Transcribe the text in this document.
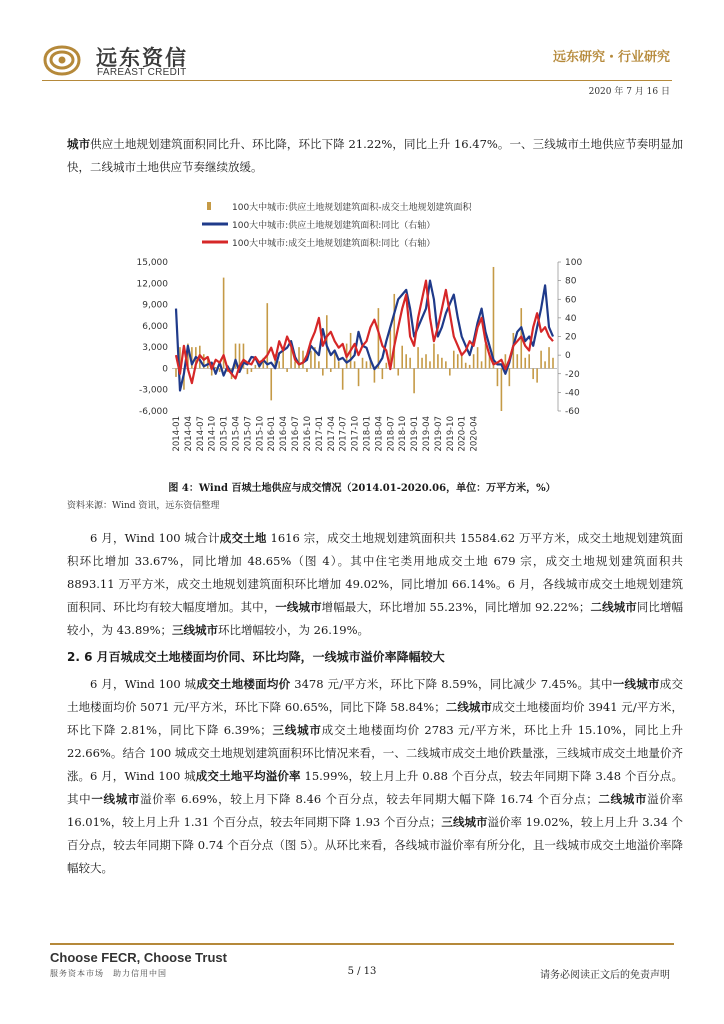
远东资信
FAREAST CREDIT
远东研究・行业研究
2020 年 7 月 16 日

城市供应土地规划建筑面积同比升、环比降，环比下降 21.22%，同比上升 16.47%。一、三线城市土地供应节奏明显加快，二线城市土地供应节奏继续放缓。

100大中城市:供应土地规划建筑面积-成交土地规划建筑面积
100大中城市:供应土地规划建筑面积:同比（右轴）
100大中城市:成交土地规划建筑面积:同比（右轴）
15,000
12,000
9,000
6,000
3,000
0
-3,000
-6,000
100
80
60
40
20
0
-20
-40
-60
2014-01 2014-04 2014-07 2014-10 2015-01 2015-04 2015-07 2015-10 2016-01 2016-04 2016-07 2016-10 2017-01 2017-04 2017-07 2017-10 2018-01 2018-04 2018-07 2018-10 2019-01 2019-04 2019-07 2019-10 2020-01 2020-04
图 4：Wind 百城土地供应与成交情况（2014.01-2020.06，单位：万平方米，%）
资料来源：Wind 资讯，远东资信整理

6 月，Wind 100 城合计成交土地 1616 宗，成交土地规划建筑面积共 15584.62 万平方米，成交土地规划建筑面积环比增加 33.67%，同比增加 48.65%（图 4）。其中住宅类用地成交土地 679 宗，成交土地规划建筑面积共 8893.11 万平方米，成交土地规划建筑面积环比增加 49.02%，同比增加 66.14%。6 月，各线城市成交土地规划建筑面积同、环比均有较大幅度增加。其中，一线城市增幅最大，环比增加 55.23%，同比增加 92.22%；二线城市同比增幅较小，为 43.89%；三线城市环比增幅较小，为 26.19%。

2. 6 月百城成交土地楼面均价同、环比均降，一线城市溢价率降幅较大

6 月，Wind 100 城成交土地楼面均价 3478 元/平方米，环比下降 8.59%，同比减少 7.45%。其中一线城市成交土地楼面均价 5071 元/平方米，环比下降 60.65%，同比下降 58.84%；二线城市成交土地楼面均价 3941 元/平方米，环比下降 2.81%，同比下降 6.39%；三线城市成交土地楼面均价 2783 元/平方米，环比上升 15.10%，同比上升 22.66%。结合 100 城成交土地规划建筑面积环比情况来看，一、二线城市成交土地价跌量涨，三线城市成交土地量价齐涨。 6 月，Wind 100 城成交土地平均溢价率 15.99%，较上月上升 0.88 个百分点，较去年同期下降 3.48 个百分点。其中一线城市溢价率 6.69%，较上月下降 8.46 个百分点，较去年同期大幅下降 16.74 个百分点；二线城市溢价率 16.01%，较上月上升 1.31 个百分点，较去年同期下降 1.93 个百分点；三线城市溢价率 19.02%，较上月上升 3.34 个百分点，较去年同期下降 0.74 个百分点（图 5）。从环比来看，各线城市溢价率有所分化，且一线城市成交土地溢价率降幅较大。

Choose FECR, Choose Trust
服务资本市场　助力信用中国	5 / 13	请务必阅读正文后的免责声明
